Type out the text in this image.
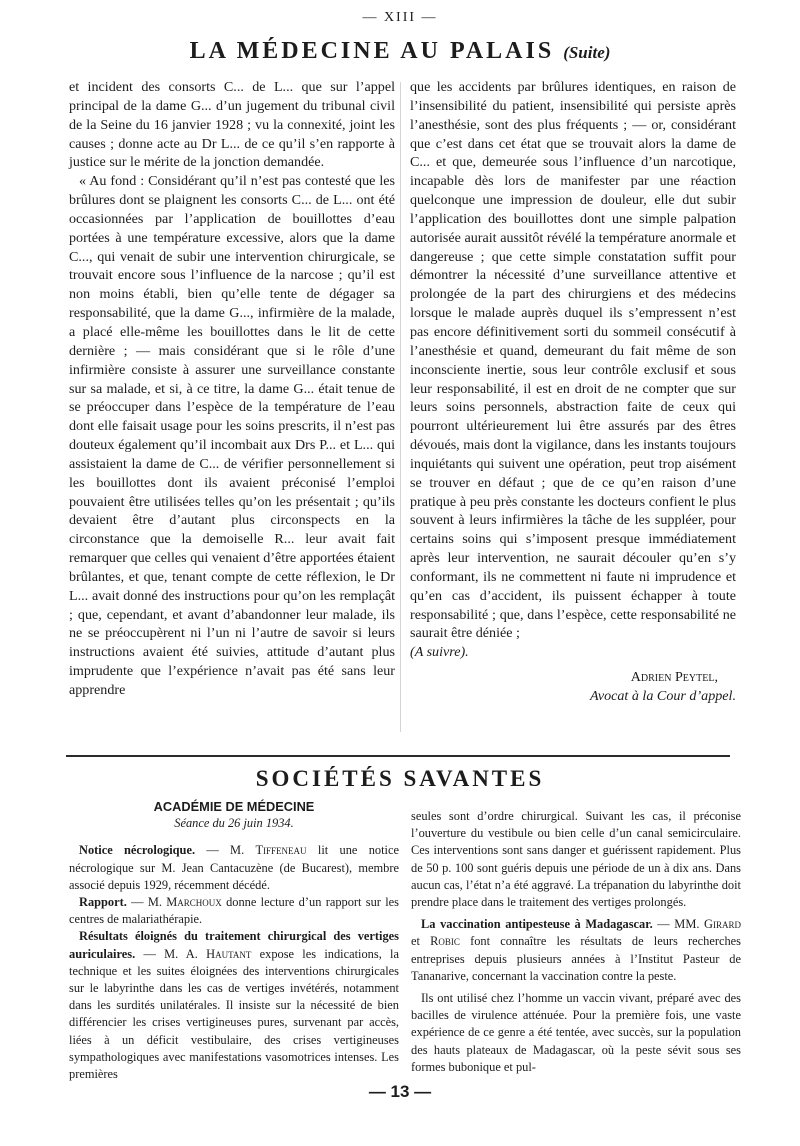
— XIII —
LA MÉDECINE AU PALAIS (Suite)

et incident des consorts C... de L... que sur l’appel principal de la dame G... d’un jugement du tribunal civil de la Seine du 16 janvier 1928 ; vu la connexité, joint les causes ; donne acte au Dr L... de ce qu’il s’en rapporte à justice sur le mérite de la jonction demandée.

« Au fond : Considérant qu’il n’est pas contesté que les brûlures dont se plaignent les consorts C... de L... ont été occasionnées par l’application de bouillottes d’eau portées à une température excessive, alors que la dame C..., qui venait de subir une intervention chirurgicale, se trouvait encore sous l’influence de la narcose ; qu’il est non moins établi, bien qu’elle tente de dégager sa responsabilité, que la dame G..., infirmière de la malade, a placé elle-même les bouillottes dans le lit de cette dernière ; — mais considérant que si le rôle d’une infirmière consiste à assurer une surveillance constante sur sa malade, et si, à ce titre, la dame G... était tenue de se préoccuper dans l’espèce de la température de l’eau dont elle faisait usage pour les soins prescrits, il n’est pas douteux également qu’il incombait aux Drs P... et L... qui assistaient la dame de C... de vérifier personnellement si les bouillottes dont ils avaient préconisé l’emploi pouvaient être utilisées telles qu’on les présentait ; qu’ils devaient être d’autant plus circonspects en la circonstance que la demoiselle R... leur avait fait remarquer que celles qui venaient d’être apportées étaient brûlantes, et que, tenant compte de cette réflexion, le Dr L... avait donné des instructions pour qu’on les remplaçât ; que, cependant, et avant d’abandonner leur malade, ils ne se préoccupèrent ni l’un ni l’autre de savoir si leurs instructions avaient été suivies, attitude d’autant plus imprudente que l’expérience n’avait pas été sans leur apprendre

que les accidents par brûlures identiques, en raison de l’insensibilité du patient, insensibilité qui persiste après l’anesthésie, sont des plus fréquents ; — or, considérant que c’est dans cet état que se trouvait alors la dame de C... et que, demeurée sous l’influence d’un narcotique, incapable dès lors de manifester par une réaction quelconque une impression de douleur, elle dut subir l’application des bouillottes dont une simple palpation autorisée aurait aussitôt révélé la température anormale et dangereuse ; que cette simple constatation suffit pour démontrer la nécessité d’une surveillance attentive et prolongée de la part des chirurgiens et des médecins lorsque le malade auprès duquel ils s’empressent n’est pas encore définitivement sorti du sommeil consécutif à l’anesthésie et quand, demeurant du fait même de son inconsciente inertie, sous leur contrôle exclusif et sous leur responsabilité, il est en droit de ne compter que sur leurs soins personnels, abstraction faite de ceux qui pourront ultérieurement lui être assurés par des êtres dévoués, mais dont la vigilance, dans les instants toujours inquiétants qui suivent une opération, peut trop aisément se trouver en défaut ; que de ce qu’en raison d’une pratique à peu près constante les docteurs confient le plus souvent à leurs infirmières la tâche de les suppléer, pour certains soins qui s’imposent presque immédiatement après leur intervention, ne saurait découler qu’en s’y conformant, ils ne commettent ni faute ni imprudence et qu’en cas d’accident, ils puissent échapper à toute responsabilité ; que, dans l’espèce, cette responsabilité ne saurait être déniée ;

(A suivre).

Adrien Peytel,

Avocat à la Cour d’appel.

SOCIÉTÉS SAVANTES

ACADÉMIE DE MÉDECINE

Séance du 26 juin 1934.

Notice nécrologique. — M. Tiffeneau lit une notice nécrologique sur M. Jean Cantacuzène (de Bucarest), membre associé depuis 1929, récemment décédé.

Rapport. — M. Marchoux donne lecture d’un rapport sur les centres de malariathérapie.

Résultats éloignés du traitement chirurgical des vertiges auriculaires. — M. A. Hautant expose les indications, la technique et les suites éloignées des interventions chirurgicales sur le labyrinthe dans les cas de vertiges invétérés, notamment dans les surdités unilatérales. Il insiste sur la nécessité de bien différencier les crises vertigineuses pures, survenant par accès, liées à un déficit vestibulaire, des crises vertigineuses sympathologiques avec manifestations vasomotrices intenses. Les premières

seules sont d’ordre chirurgical. Suivant les cas, il préconise l’ouverture du vestibule ou bien celle d’un canal semicirculaire. Ces interventions sont sans danger et guérissent rapidement. Plus de 50 p. 100 sont guéris depuis une période de un à dix ans. Dans aucun cas, l’état n’a été aggravé. La trépanation du labyrinthe doit prendre place dans le traitement des vertiges prolongés.

La vaccination antipesteuse à Madagascar. — MM. Girard et Robic font connaître les résultats de leurs recherches entreprises depuis plusieurs années à l’Institut Pasteur de Tananarive, concernant la vaccination contre la peste.

Ils ont utilisé chez l’homme un vaccin vivant, préparé avec des bacilles de virulence atténuée. Pour la première fois, une vaste expérience de ce genre a été tentée, avec succès, sur la population des hauts plateaux de Madagascar, où la peste sévit sous ses formes bubonique et pul-

— 13 —
